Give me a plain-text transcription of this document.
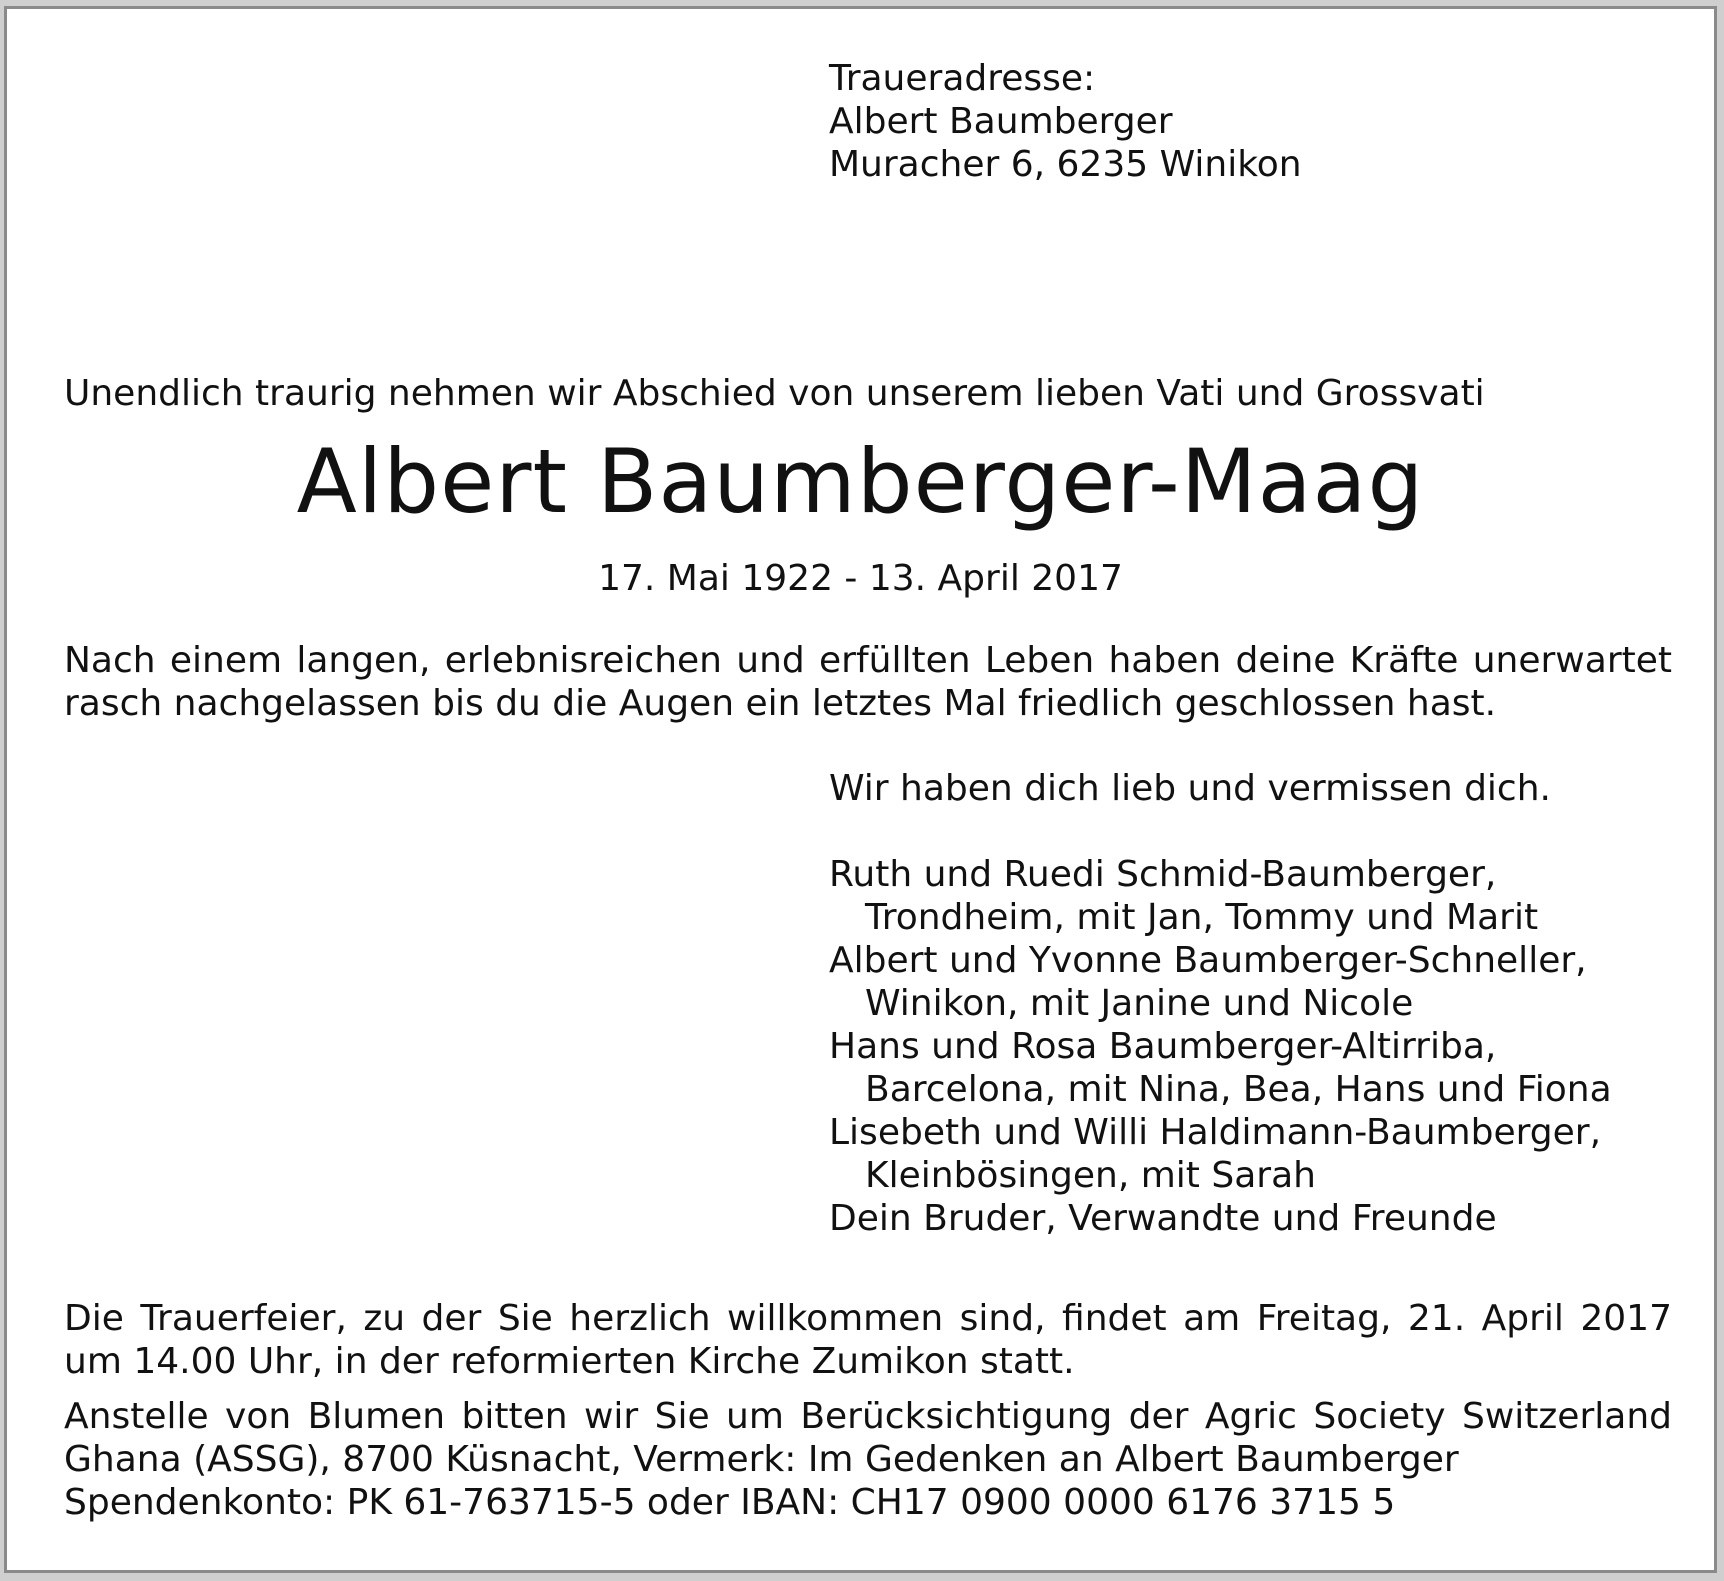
Traueradresse:
Albert Baumberger
Muracher 6, 6235 Winikon
Unendlich traurig nehmen wir Abschied von unserem lieben Vati und Grossvati
Albert Baumberger-Maag
17. Mai 1922 - 13. April 2017
Nach einem langen, erlebnisreichen und erfüllten Leben haben deine Kräfte unerwartet
rasch nachgelassen bis du die Augen ein letztes Mal friedlich geschlossen hast.
Wir haben dich lieb und vermissen dich.
Ruth und Ruedi Schmid-Baumberger,
Trondheim, mit Jan, Tommy und Marit
Albert und Yvonne Baumberger-Schneller,
Winikon, mit Janine und Nicole
Hans und Rosa Baumberger-Altirriba,
Barcelona, mit Nina, Bea, Hans und Fiona
Lisebeth und Willi Haldimann-Baumberger,
Kleinbösingen, mit Sarah
Dein Bruder, Verwandte und Freunde
Die Trauerfeier, zu der Sie herzlich willkommen sind, findet am Freitag, 21. April 2017
um 14.00 Uhr, in der reformierten Kirche Zumikon statt.
Anstelle von Blumen bitten wir Sie um Berücksichtigung der Agric Society Switzerland
Ghana (ASSG), 8700 Küsnacht, Vermerk: Im Gedenken an Albert Baumberger
Spendenkonto: PK 61-763715-5 oder IBAN: CH17 0900 0000 6176 3715 5
